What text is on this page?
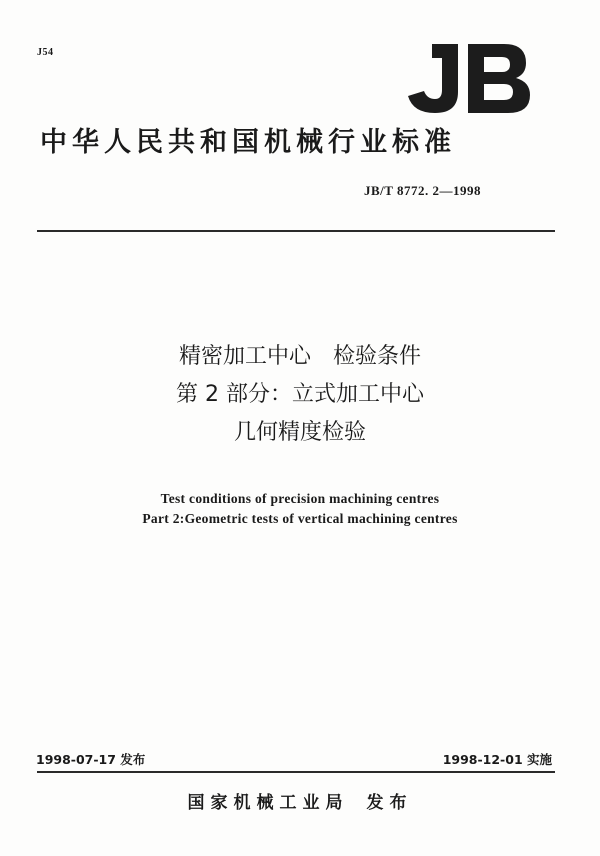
J54
中华人民共和国机械行业标准
JB/T 8772. 2—1998
精密加工中心　检验条件
第 2 部分：立式加工中心
几何精度检验
Test conditions of precision machining centres
Part 2:Geometric tests of vertical machining centres
1998-07-17 发布	1998-12-01 实施
国家机械工业局 发布
